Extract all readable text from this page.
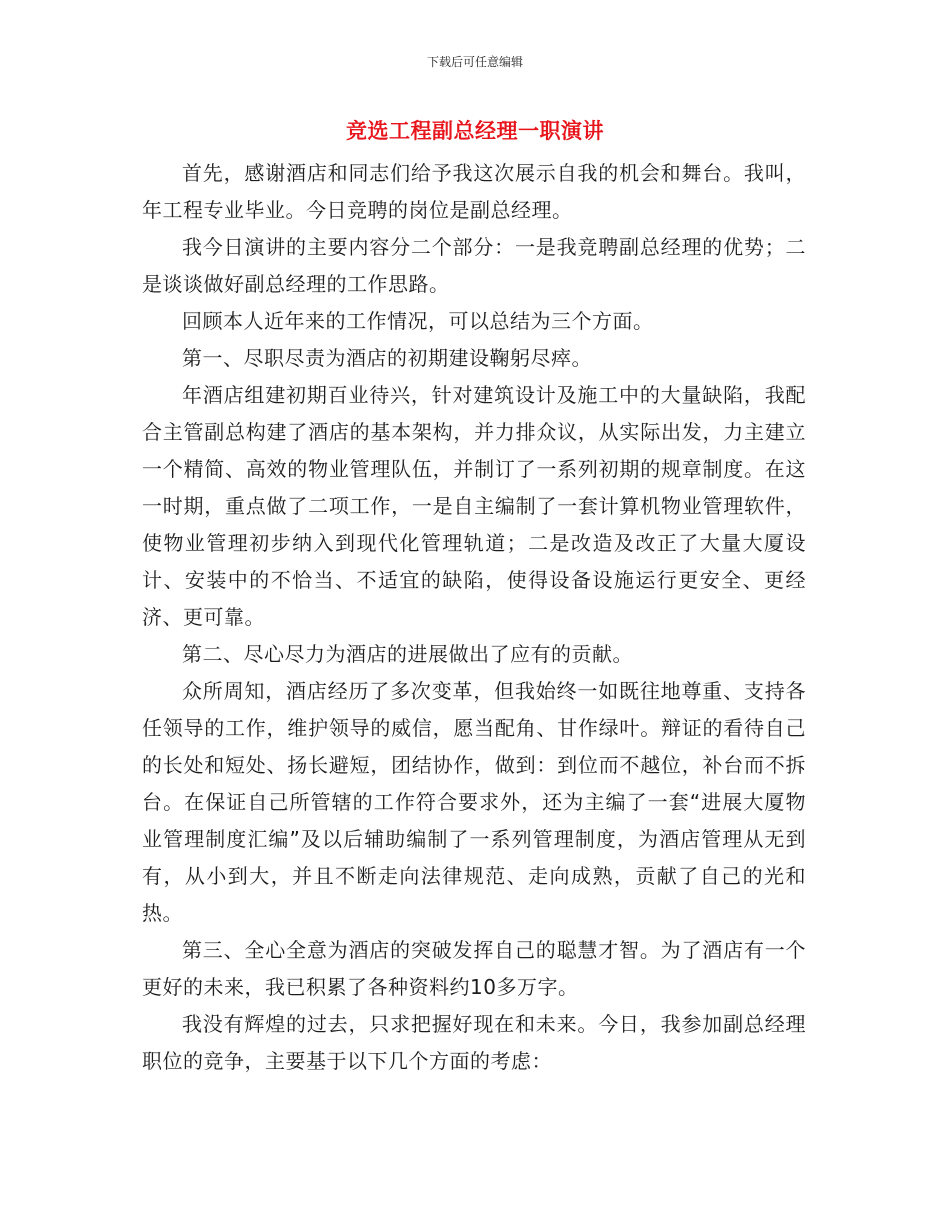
下载后可任意编辑
竞选工程副总经理一职演讲

首先，感谢酒店和同志们给予我这次展示自我的机会和舞台。我叫，年工程专业毕业。今日竞聘的岗位是副总经理。

我今日演讲的主要内容分二个部分：一是我竞聘副总经理的优势；二是谈谈做好副总经理的工作思路。

回顾本人近年来的工作情况，可以总结为三个方面。

第一、尽职尽责为酒店的初期建设鞠躬尽瘁。

年酒店组建初期百业待兴，针对建筑设计及施工中的大量缺陷，我配合主管副总构建了酒店的基本架构，并力排众议，从实际出发，力主建立一个精简、高效的物业管理队伍，并制订了一系列初期的规章制度。在这一时期，重点做了二项工作，一是自主编制了一套计算机物业管理软件，使物业管理初步纳入到现代化管理轨道；二是改造及改正了大量大厦设计、安装中的不恰当、不适宜的缺陷，使得设备设施运行更安全、更经济、更可靠。

第二、尽心尽力为酒店的进展做出了应有的贡献。

众所周知，酒店经历了多次变革，但我始终一如既往地尊重、支持各任领导的工作，维护领导的威信，愿当配角、甘作绿叶。辩证的看待自己的长处和短处、扬长避短，团结协作，做到：到位而不越位，补台而不拆台。在保证自己所管辖的工作符合要求外，还为主编了一套“进展大厦物业管理制度汇编”及以后辅助编制了一系列管理制度，为酒店管理从无到有，从小到大，并且不断走向法律规范、走向成熟，贡献了自己的光和热。

第三、全心全意为酒店的突破发挥自己的聪慧才智。为了酒店有一个更好的未来，我已积累了各种资料约10多万字。

我没有辉煌的过去，只求把握好现在和未来。今日，我参加副总经理职位的竞争，主要基于以下几个方面的考虑：
